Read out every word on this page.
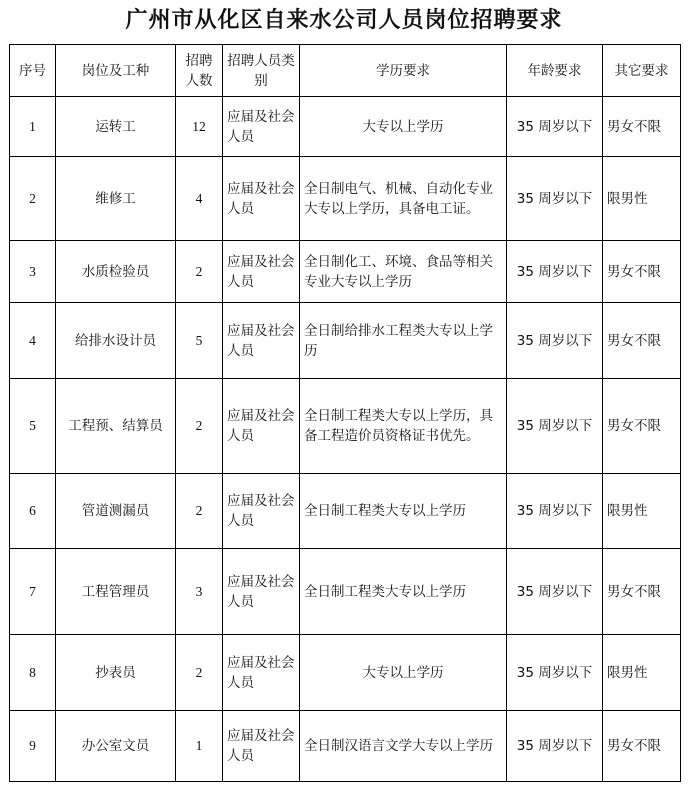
广州市从化区自来水公司人员岗位招聘要求
序号	岗位及工种	招聘人数	招聘人员类别	学历要求	年龄要求	其它要求
1	运转工	12	应届及社会人员	大专以上学历	35 周岁以下	男女不限
2	维修工	4	应届及社会人员	全日制电气、机械、自动化专业大专以上学历，具备电工证。	35 周岁以下	限男性
3	水质检验员	2	应届及社会人员	全日制化工、环境、食品等相关专业大专以上学历	35 周岁以下	男女不限
4	给排水设计员	5	应届及社会人员	全日制给排水工程类大专以上学历	35 周岁以下	男女不限
5	工程预、结算员	2	应届及社会人员	全日制工程类大专以上学历，具备工程造价员资格证书优先。	35 周岁以下	男女不限
6	管道测漏员	2	应届及社会人员	全日制工程类大专以上学历	35 周岁以下	限男性
7	工程管理员	3	应届及社会人员	全日制工程类大专以上学历	35 周岁以下	男女不限
8	抄表员	2	应届及社会人员	大专以上学历	35 周岁以下	限男性
9	办公室文员	1	应届及社会人员	全日制汉语言文学大专以上学历	35 周岁以下	男女不限
